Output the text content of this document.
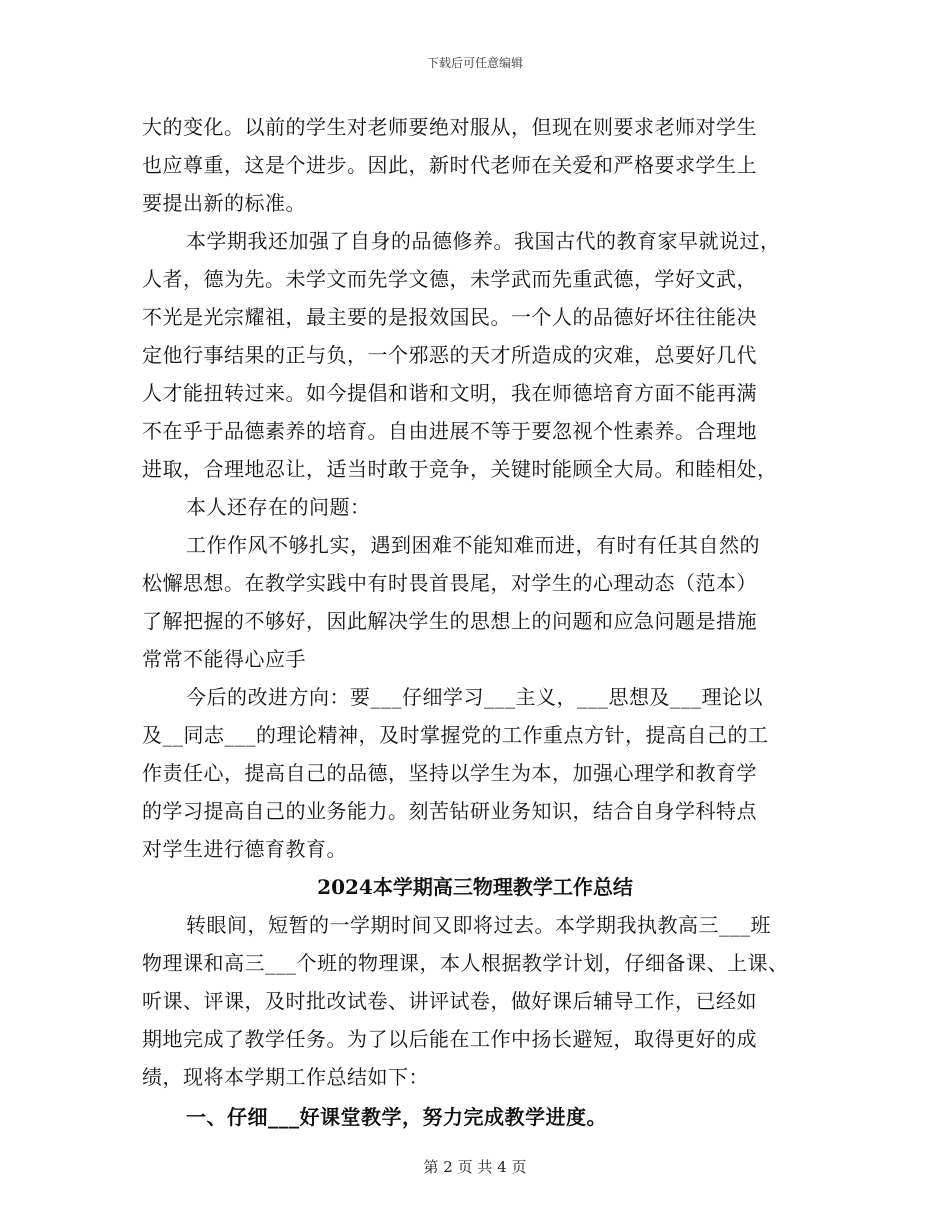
下载后可任意编辑
大的变化。以前的学生对老师要绝对服从，但现在则要求老师对学生
也应尊重，这是个进步。因此，新时代老师在关爱和严格要求学生上
要提出新的标准。
本学期我还加强了自身的品德修养。我国古代的教育家早就说过，
人者，德为先。未学文而先学文德，未学武而先重武德，学好文武，
不光是光宗耀祖，最主要的是报效国民。一个人的品德好坏往往能决
定他行事结果的正与负，一个邪恶的天才所造成的灾难，总要好几代
人才能扭转过来。如今提倡和谐和文明，我在师德培育方面不能再满
不在乎于品德素养的培育。自由进展不等于要忽视个性素养。合理地
进取，合理地忍让，适当时敢于竞争，关键时能顾全大局。和睦相处，
本人还存在的问题：
工作作风不够扎实，遇到困难不能知难而进，有时有任其自然的
松懈思想。在教学实践中有时畏首畏尾，对学生的心理动态（范本）
了解把握的不够好，因此解决学生的思想上的问题和应急问题是措施
常常不能得心应手
今后的改进方向：要___仔细学习___主义，___思想及___理论以
及__同志___的理论精神，及时掌握党的工作重点方针，提高自己的工
作责任心，提高自己的品德，坚持以学生为本，加强心理学和教育学
的学习提高自己的业务能力。刻苦钻研业务知识，结合自身学科特点
对学生进行德育教育。
2024本学期高三物理教学工作总结
转眼间，短暂的一学期时间又即将过去。本学期我执教高三___班
物理课和高三___个班的物理课，本人根据教学计划，仔细备课、上课、
听课、评课，及时批改试卷、讲评试卷，做好课后辅导工作，已经如
期地完成了教学任务。为了以后能在工作中扬长避短，取得更好的成
绩，现将本学期工作总结如下：
一、仔细___好课堂教学，努力完成教学进度。
第 2 页 共 4 页
